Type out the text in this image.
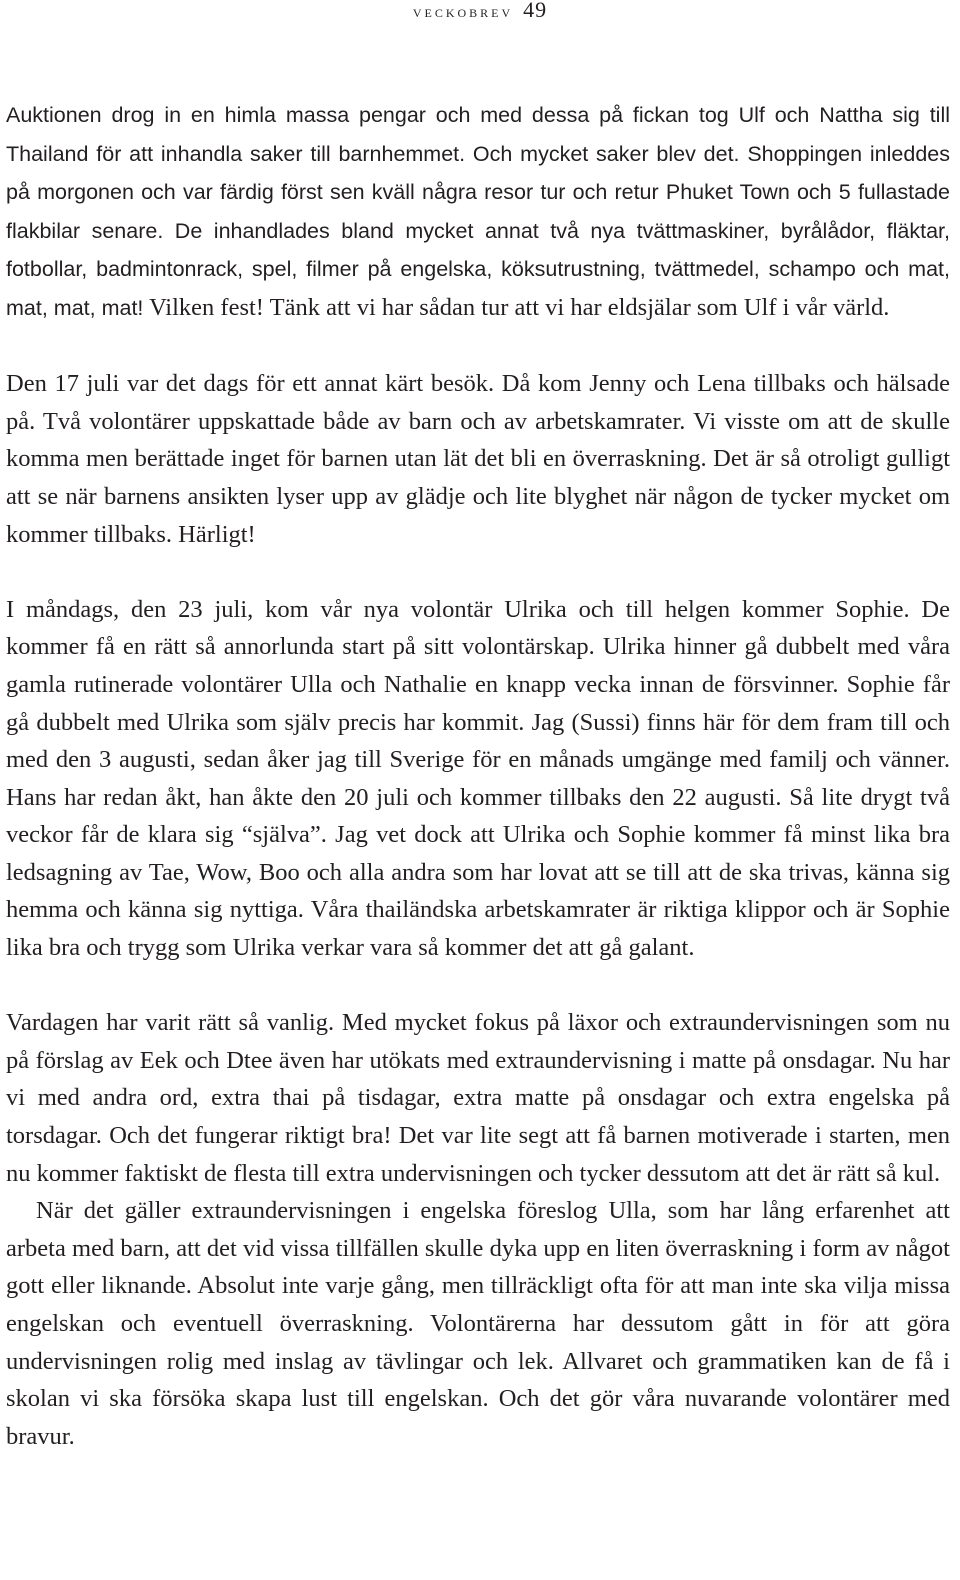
veckobrev 49

Auktionen drog in en himla massa pengar och med dessa på fickan tog Ulf och Nattha sig till Thailand för att inhandla saker till barnhemmet. Och mycket saker blev det. Shoppingen inleddes på morgonen och var färdig först sen kväll några resor tur och retur Phuket Town och 5 fullastade flakbilar senare. De inhandlades bland mycket annat två nya tvättmaskiner, byrålådor, fläktar, fotbollar, badmintonrack, spel, filmer på engelska, köksutrustning, tvättmedel, schampo och mat, mat, mat, mat! Vilken fest! Tänk att vi har sådan tur att vi har eldsjälar som Ulf i vår värld.

Den 17 juli var det dags för ett annat kärt besök. Då kom Jenny och Lena tillbaks och hälsade på. Två volontärer uppskattade både av barn och av arbetskamrater. Vi visste om att de skulle komma men berättade inget för barnen utan lät det bli en överraskning. Det är så otroligt gulligt att se när barnens ansikten lyser upp av glädje och lite blyghet när någon de tycker mycket om kommer tillbaks. Härligt!

I måndags, den 23 juli, kom vår nya volontär Ulrika och till helgen kommer Sophie. De kommer få en rätt så annorlunda start på sitt volontärskap. Ulrika hinner gå dubbelt med våra gamla rutinerade volontärer Ulla och Nathalie en knapp vecka innan de försvinner. Sophie får gå dubbelt med Ulrika som själv precis har kommit. Jag (Sussi) finns här för dem fram till och med den 3 augusti, sedan åker jag till Sverige för en månads umgänge med familj och vänner. Hans har redan åkt, han åkte den 20 juli och kommer tillbaks den 22 augusti. Så lite drygt två veckor får de klara sig “själva”. Jag vet dock att Ulrika och Sophie kommer få minst lika bra ledsagning av Tae, Wow, Boo och alla andra som har lovat att se till att de ska trivas, känna sig hemma och känna sig nyttiga. Våra thailändska arbetskamrater är riktiga klippor och är Sophie lika bra och trygg som Ulrika verkar vara så kommer det att gå galant.

Vardagen har varit rätt så vanlig. Med mycket fokus på läxor och extraundervisningen som nu på förslag av Eek och Dtee även har utökats med extraundervisning i matte på onsdagar. Nu har vi med andra ord, extra thai på tisdagar, extra matte på onsdagar och extra engelska på torsdagar. Och det fungerar riktigt bra! Det var lite segt att få barnen motiverade i starten, men nu kommer faktiskt de flesta till extra undervisningen och tycker dessutom att det är rätt så kul.

När det gäller extraundervisningen i engelska föreslog Ulla, som har lång erfarenhet att arbeta med barn, att det vid vissa tillfällen skulle dyka upp en liten överraskning i form av något gott eller liknande. Absolut inte varje gång, men tillräckligt ofta för att man inte ska vilja missa engelskan och eventuell överraskning. Volontärerna har dessutom gått in för att göra undervisningen rolig med inslag av tävlingar och lek. Allvaret och grammatiken kan de få i skolan vi ska försöka skapa lust till engelskan. Och det gör våra nuvarande volontärer med bravur.
